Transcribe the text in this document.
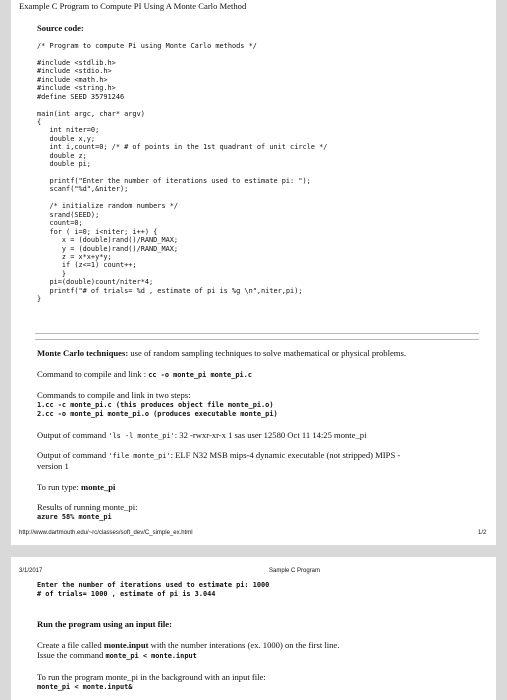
Example C Program to Compute PI Using A Monte Carlo Method
Source code:
/* Program to compute Pi using Monte Carlo methods */
#include <stdlib.h>
#include <stdio.h>
#include <math.h>
#include <string.h>
#define SEED 35791246
main(int argc, char* argv)
{
int niter=0;
double x,y;
int i,count=0; /* # of points in the 1st quadrant of unit circle */
double z;
double pi;
printf("Enter the number of iterations used to estimate pi: ");
scanf("%d",&niter);
/* initialize random numbers */
srand(SEED);
count=0;
for ( i=0; i<niter; i++) {
x = (double)rand()/RAND_MAX;
y = (double)rand()/RAND_MAX;
z = x*x+y*y;
if (z<=1) count++;
}
pi=(double)count/niter*4;
printf("# of trials= %d , estimate of pi is %g \n",niter,pi);
}
Monte Carlo techniques: use of random sampling techniques to solve mathematical or physical problems.
Command to compile and link : cc -o monte_pi monte_pi.c
Commands to compile and link in two steps:
1.cc -c monte_pi.c (this produces object file monte_pi.o)
2.cc -o monte_pi monte_pi.o (produces executable monte_pi)
Output of command 'ls -l monte_pi': 32 -rwxr-xr-x 1 sas user 12580 Oct 11 14:25 monte_pi
Output of command 'file monte_pi': ELF N32 MSB mips-4 dynamic executable (not stripped) MIPS -
version 1
To run type: monte_pi
Results of running monte_pi:
azure 58% monte_pi
http://www.dartmouth.edu/~rc/classes/soft_dev/C_simple_ex.html	1/2
3/1/2017	Sample C Program
Enter the number of iterations used to estimate pi: 1000
# of trials= 1000 , estimate of pi is 3.044
Run the program using an input file:
Create a file called monte.input with the number interations (ex. 1000) on the first line.
Issue the command monte_pi < monte.input
To run the program monte_pi in the background with an input file:
monte_pi < monte.input&
